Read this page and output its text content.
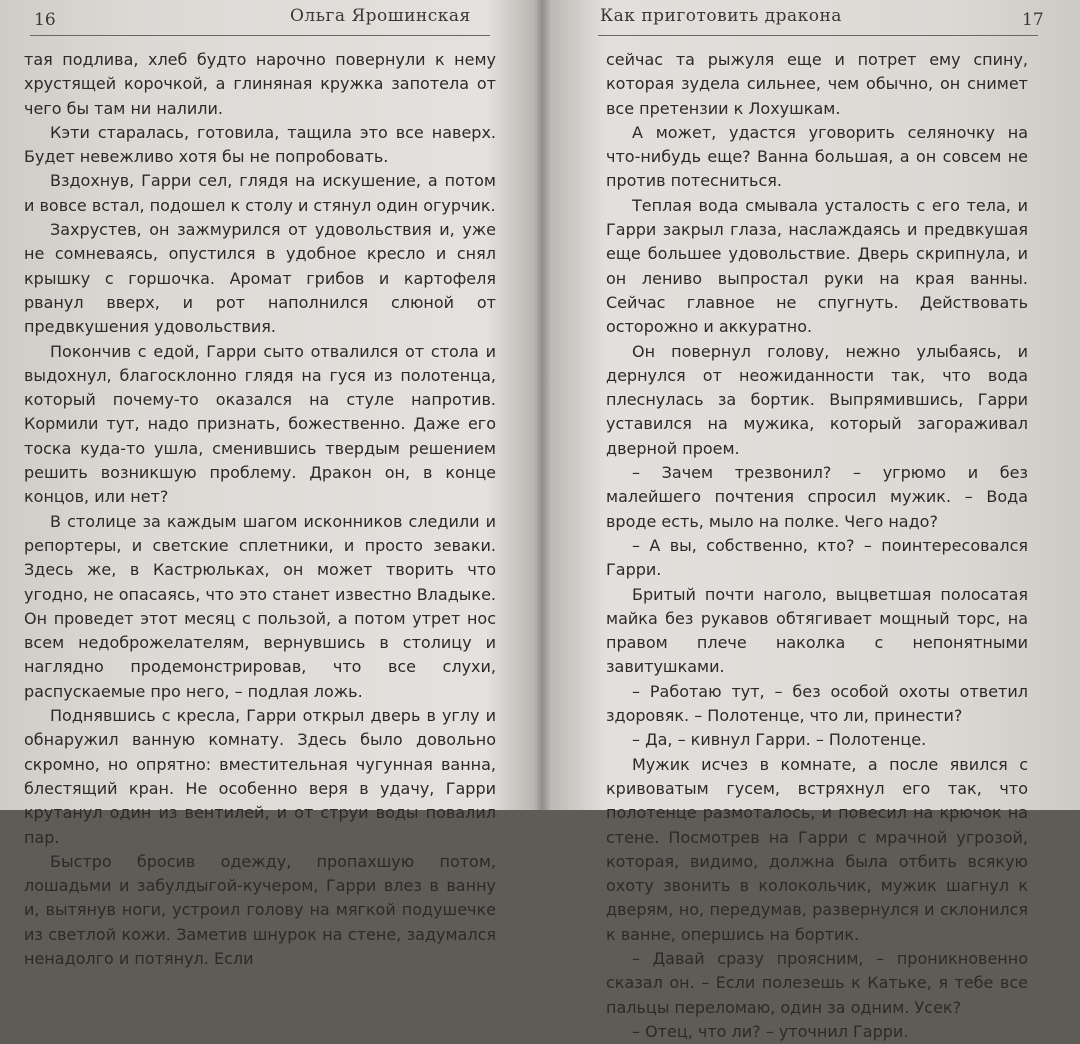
16	Ольга Ярошинская

тая подлива, хлеб будто нарочно повернули к нему хрустящей корочкой, а глиняная кружка запотела от чего бы там ни налили.

Кэти старалась, готовила, тащила это все наверх. Будет невежливо хотя бы не попробовать.

Вздохнув, Гарри сел, глядя на искушение, а потом и вовсе встал, подошел к столу и стянул один огурчик.

Захрустев, он зажмурился от удовольствия и, уже не сомневаясь, опустился в удобное кресло и снял крышку с горшочка. Аромат грибов и картофеля рванул вверх, и рот наполнился слюной от предвкушения удовольствия.

Покончив с едой, Гарри сыто отвалился от стола и выдохнул, благосклонно глядя на гуся из полотенца, который почему-то оказался на стуле напротив. Кормили тут, надо признать, божественно. Даже его тоска куда-то ушла, сменившись твердым решением решить возникшую проблему. Дракон он, в конце концов, или нет?

В столице за каждым шагом исконников следили и репортеры, и светские сплетники, и просто зеваки. Здесь же, в Кастрюльках, он может творить что угодно, не опасаясь, что это станет известно Владыке. Он проведет этот месяц с пользой, а потом утрет нос всем недоброжелателям, вернувшись в столицу и наглядно продемонстрировав, что все слухи, распускаемые про него, – подлая ложь.

Поднявшись с кресла, Гарри открыл дверь в углу и обнаружил ванную комнату. Здесь было довольно скромно, но опрятно: вместительная чугунная ванна, блестящий кран. Не особенно веря в удачу, Гарри крутанул один из вентилей, и от струи воды повалил пар.

Быстро бросив одежду, пропахшую потом, лошадьми и забулдыгой-кучером, Гарри влез в ванну и, вытянув ноги, устроил голову на мягкой подушечке из светлой кожи. Заметив шнурок на стене, задумался ненадолго и потянул. Если

Как приготовить дракона	17

сейчас та рыжуля еще и потрет ему спину, которая зудела сильнее, чем обычно, он снимет все претензии к Лохушкам.

А может, удастся уговорить селяночку на что-нибудь еще? Ванна большая, а он совсем не против потесниться.

Теплая вода смывала усталость с его тела, и Гарри закрыл глаза, наслаждаясь и предвкушая еще большее удовольствие. Дверь скрипнула, и он лениво выпростал руки на края ванны. Сейчас главное не спугнуть. Действовать осторожно и аккуратно.

Он повернул голову, нежно улыбаясь, и дернулся от неожиданности так, что вода плеснулась за бортик. Выпрямившись, Гарри уставился на мужика, который загораживал дверной проем.

– Зачем трезвонил? – угрюмо и без малейшего почтения спросил мужик. – Вода вроде есть, мыло на полке. Чего надо?

– А вы, собственно, кто? – поинтересовался Гарри.

Бритый почти наголо, выцветшая полосатая майка без рукавов обтягивает мощный торс, на правом плече наколка с непонятными завитушками.

– Работаю тут, – без особой охоты ответил здоровяк. – Полотенце, что ли, принести?

– Да, – кивнул Гарри. – Полотенце.

Мужик исчез в комнате, а после явился с кривоватым гусем, встряхнул его так, что полотенце размоталось, и повесил на крючок на стене. Посмотрев на Гарри с мрачной угрозой, которая, видимо, должна была отбить всякую охоту звонить в колокольчик, мужик шагнул к дверям, но, передумав, развернулся и склонился к ванне, опершись на бортик.

– Давай сразу проясним, – проникновенно сказал он. – Если полезешь к Катьке, я тебе все пальцы переломаю, один за одним. Усек?

– Отец, что ли? – уточнил Гарри.
